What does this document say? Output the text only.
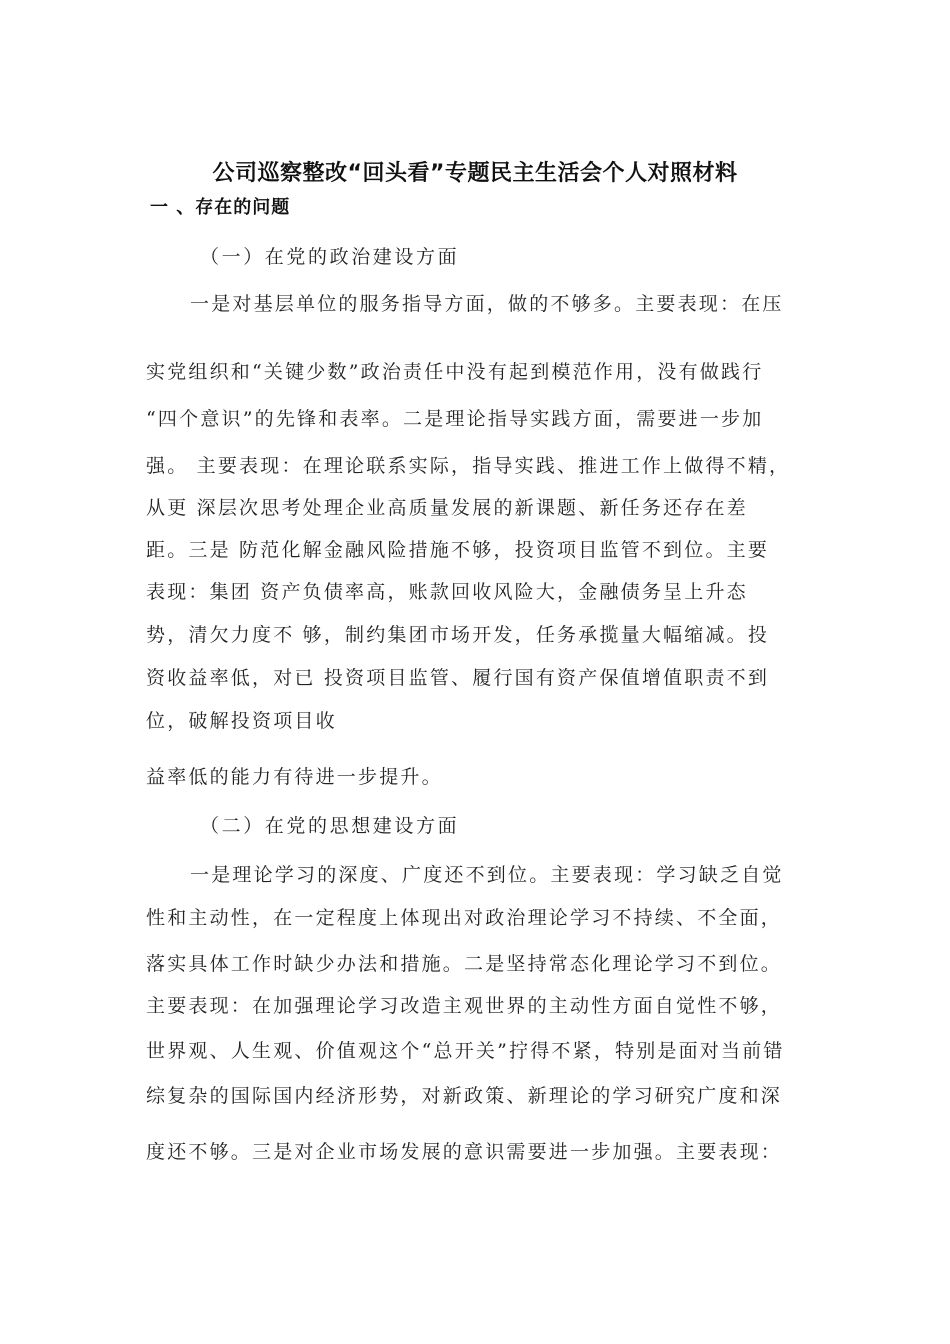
公司巡察整改“回头看”专题民主生活会个人对照材料
一 、存在的问题
（一）在党的政治建设方面
一是对基层单位的服务指导方面，做的不够多。主要表现：在压
实党组织和“关键少数”政治责任中没有起到模范作用，没有做践行
“四个意识”的先锋和表率。二是理论指导实践方面，需要进一步加
强。 主要表现：在理论联系实际，指导实践、推进工作上做得不精，
从更 深层次思考处理企业高质量发展的新课题、新任务还存在差
距。三是 防范化解金融风险措施不够，投资项目监管不到位。主要
表现：集团 资产负债率高，账款回收风险大，金融债务呈上升态
势，清欠力度不 够，制约集团市场开发，任务承揽量大幅缩减。投
资收益率低，对已 投资项目监管、履行国有资产保值增值职责不到
位，破解投资项目收
益率低的能力有待进一步提升。
（二）在党的思想建设方面
一是理论学习的深度、广度还不到位。主要表现：学习缺乏自觉
性和主动性，在一定程度上体现出对政治理论学习不持续、不全面，
落实具体工作时缺少办法和措施。二是坚持常态化理论学习不到位。
主要表现：在加强理论学习改造主观世界的主动性方面自觉性不够，
世界观、人生观、价值观这个“总开关”拧得不紧，特别是面对当前错
综复杂的国际国内经济形势，对新政策、新理论的学习研究广度和深
度还不够。三是对企业市场发展的意识需要进一步加强。主要表现：
